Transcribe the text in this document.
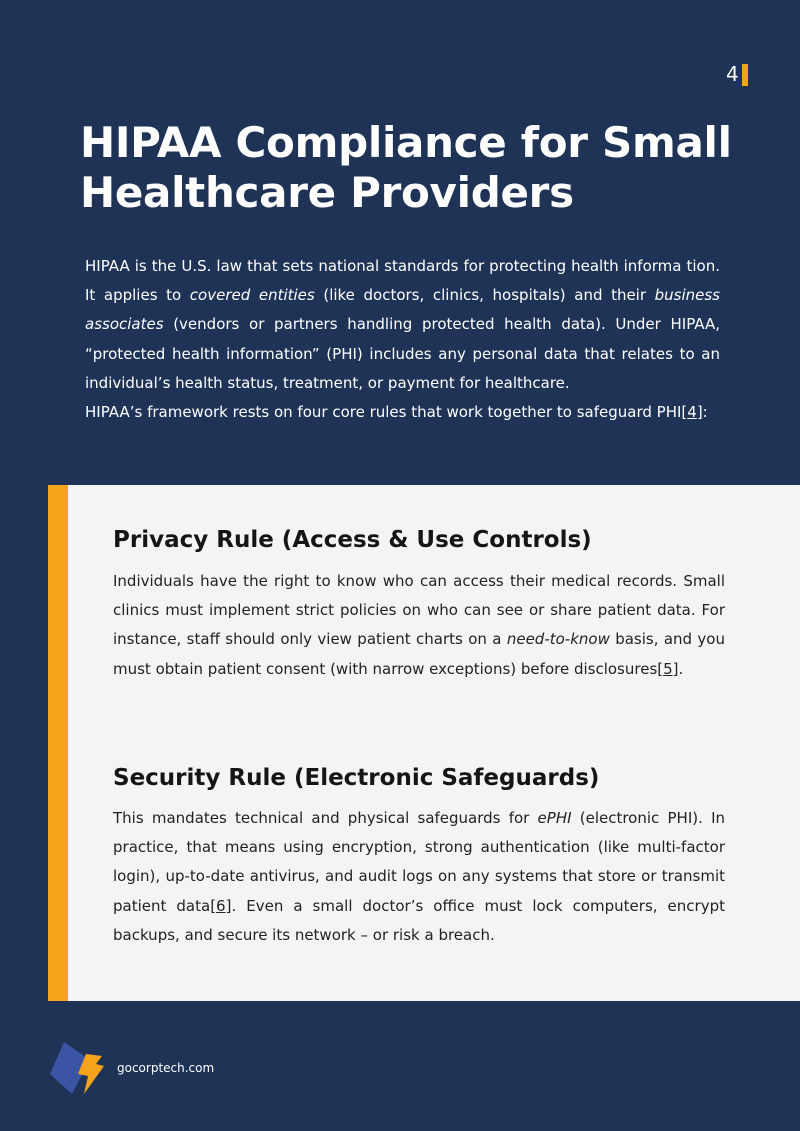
4
HIPAA Compliance for Small Healthcare Providers

HIPAA is the U.S. law that sets national standards for protecting health informa tion. It applies to covered entities (like doctors, clinics, hospitals) and their business associates (vendors or partners handling protected health data). Under HIPAA, “protected health information” (PHI) includes any personal data that relates to an individual’s health status, treatment, or payment for healthcare.

HIPAA’s framework rests on four core rules that work together to safeguard PHI[4]:
Privacy Rule (Access & Use Controls)

Individuals have the right to know who can access their medical records. Small clinics must implement strict policies on who can see or share patient data. For instance, staff should only view patient charts on a need-to-know basis, and you must obtain patient consent (with narrow exceptions) before disclosures[5].

Security Rule (Electronic Safeguards)

This mandates technical and physical safeguards for ePHI (electronic PHI). In practice, that means using encryption, strong authentication (like multi-factor login), up-to-date antivirus, and audit logs on any systems that store or transmit patient data[6]. Even a small doctor’s office must lock computers, encrypt backups, and secure its network – or risk a breach.

gocorptech.com
